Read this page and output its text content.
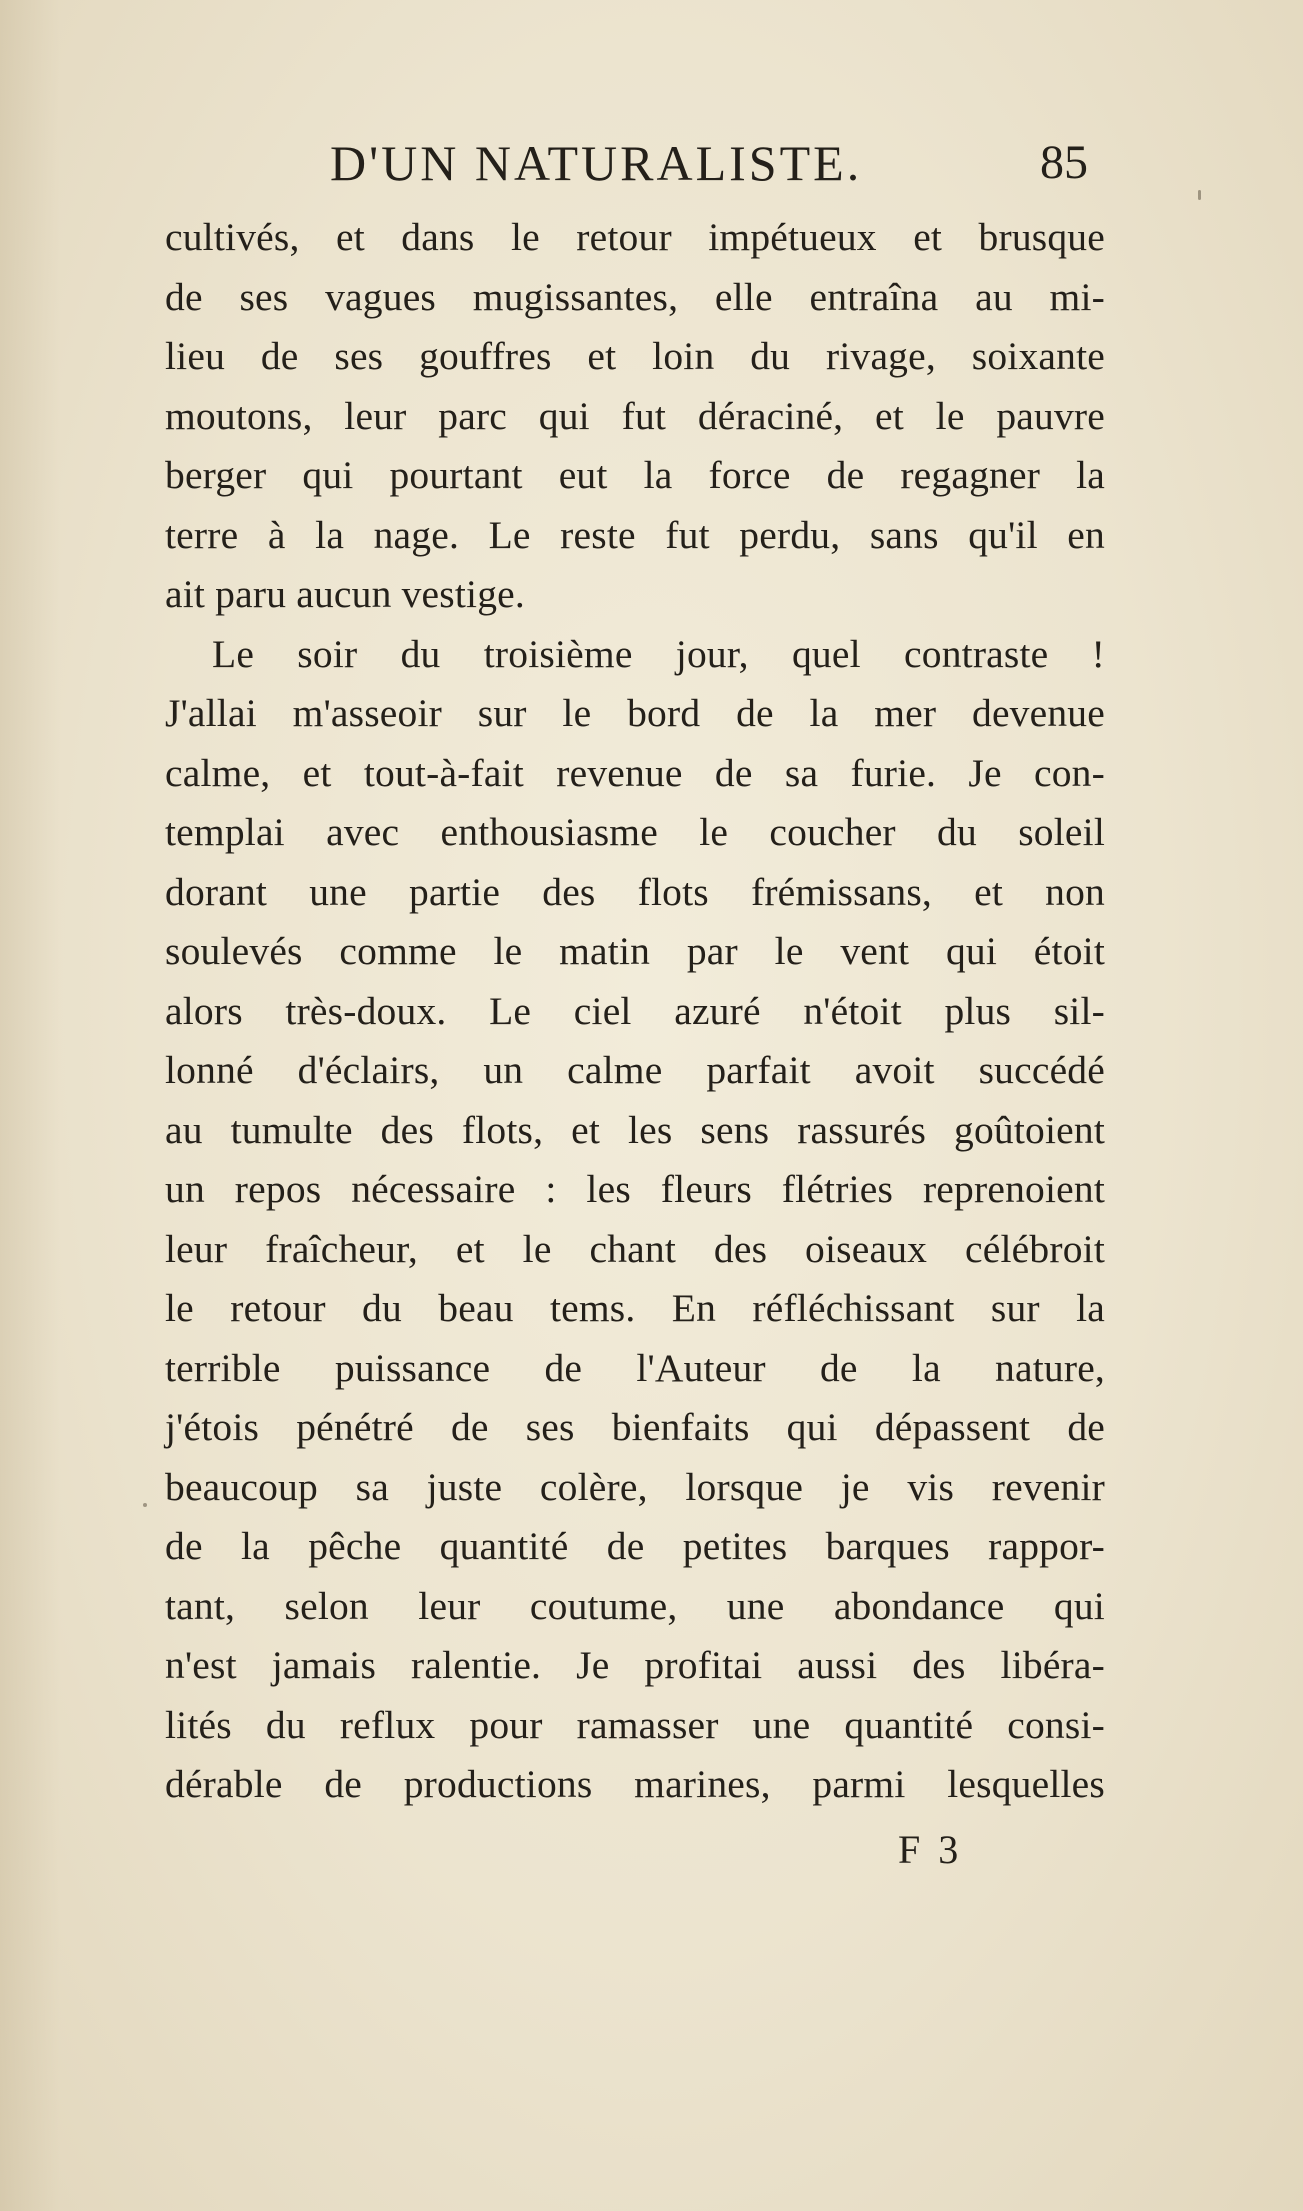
D'UN NATURALISTE.	85
cultivés, et dans le retour impétueux et brusque
de ses vagues mugissantes, elle entraîna au mi-
lieu de ses gouffres et loin du rivage, soixante
moutons, leur parc qui fut déraciné, et le pauvre
berger qui pourtant eut la force de regagner la
terre à la nage. Le reste fut perdu, sans qu'il en
ait paru aucun vestige.
Le soir du troisième jour, quel contraste !
J'allai m'asseoir sur le bord de la mer devenue
calme, et tout-à-fait revenue de sa furie. Je con-
templai avec enthousiasme le coucher du soleil
dorant une partie des flots frémissans, et non
soulevés comme le matin par le vent qui étoit
alors très-doux. Le ciel azuré n'étoit plus sil-
lonné d'éclairs, un calme parfait avoit succédé
au tumulte des flots, et les sens rassurés goûtoient
un repos nécessaire : les fleurs flétries reprenoient
leur fraîcheur, et le chant des oiseaux célébroit
le retour du beau tems. En réfléchissant sur la
terrible puissance de l'Auteur de la nature,
j'étois pénétré de ses bienfaits qui dépassent de
beaucoup sa juste colère, lorsque je vis revenir
de la pêche quantité de petites barques rappor-
tant, selon leur coutume, une abondance qui
n'est jamais ralentie. Je profitai aussi des libéra-
lités du reflux pour ramasser une quantité consi-
dérable de productions marines, parmi lesquelles
F 3
